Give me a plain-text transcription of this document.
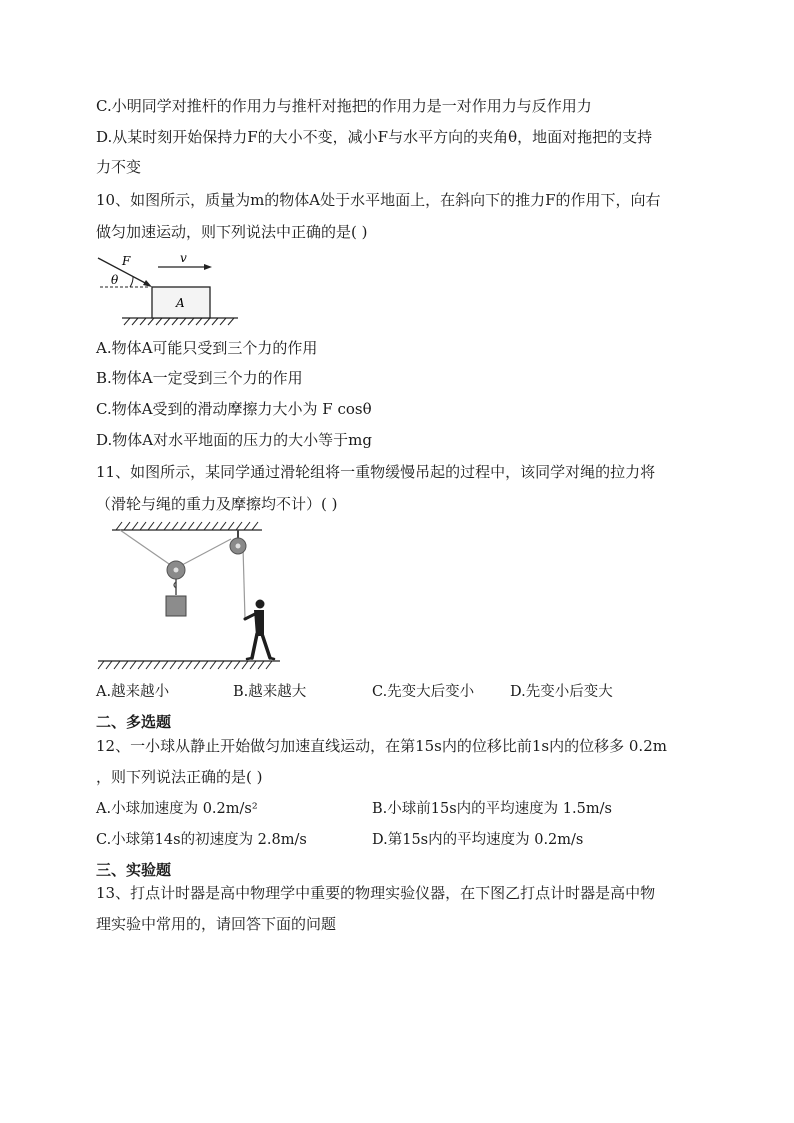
C.小明同学对推杆的作用力与推杆对拖把的作用力是一对作用力与反作用力
D.从某时刻开始保持力F的大小不变，减小F与水平方向的夹角θ，地面对拖把的支持
力不变
10、如图所示，质量为m的物体A处于水平地面上，在斜向下的推力F的作用下，向右
做匀加速运动，则下列说法中正确的是( )
A
F
θ
v
A.物体A可能只受到三个力的作用
B.物体A一定受到三个力的作用
C.物体A受到的滑动摩擦力大小为 F cosθ
D.物体A对水平地面的压力的大小等于mg
11、如图所示，某同学通过滑轮组将一重物缓慢吊起的过程中，该同学对绳的拉力将
（滑轮与绳的重力及摩擦均不计）( )
A.越来越小	B.越来越大	C.先变大后变小 D.先变小后变大
二、多选题
12、一小球从静止开始做匀加速直线运动，在第15s内的位移比前1s内的位移多 0.2m
，则下列说法正确的是( )
A.小球加速度为 0.2m/s²	B.小球前15s内的平均速度为 1.5m/s
C.小球第14s的初速度为 2.8m/s	D.第15s内的平均速度为 0.2m/s
三、实验题
13、打点计时器是高中物理学中重要的物理实验仪器，在下图乙打点计时器是高中物
理实验中常用的，请回答下面的问题
